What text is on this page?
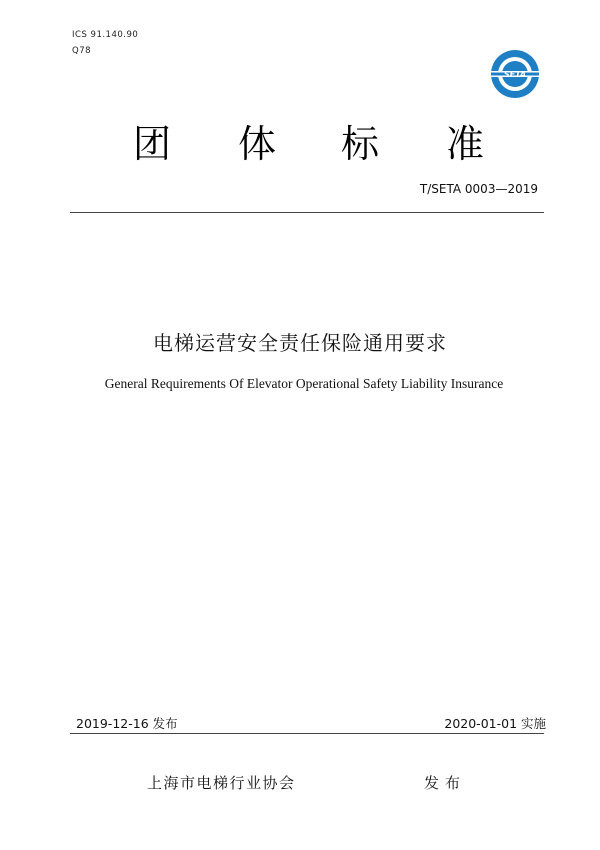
ICS 91.140.90
Q78
SETA
团 体 标 准
T/SETA 0003—2019
电梯运营安全责任保险通用要求
General Requirements Of Elevator Operational Safety Liability Insurance
2019-12-16 发布	2020-01-01 实施
上海市电梯行业协会	发布
